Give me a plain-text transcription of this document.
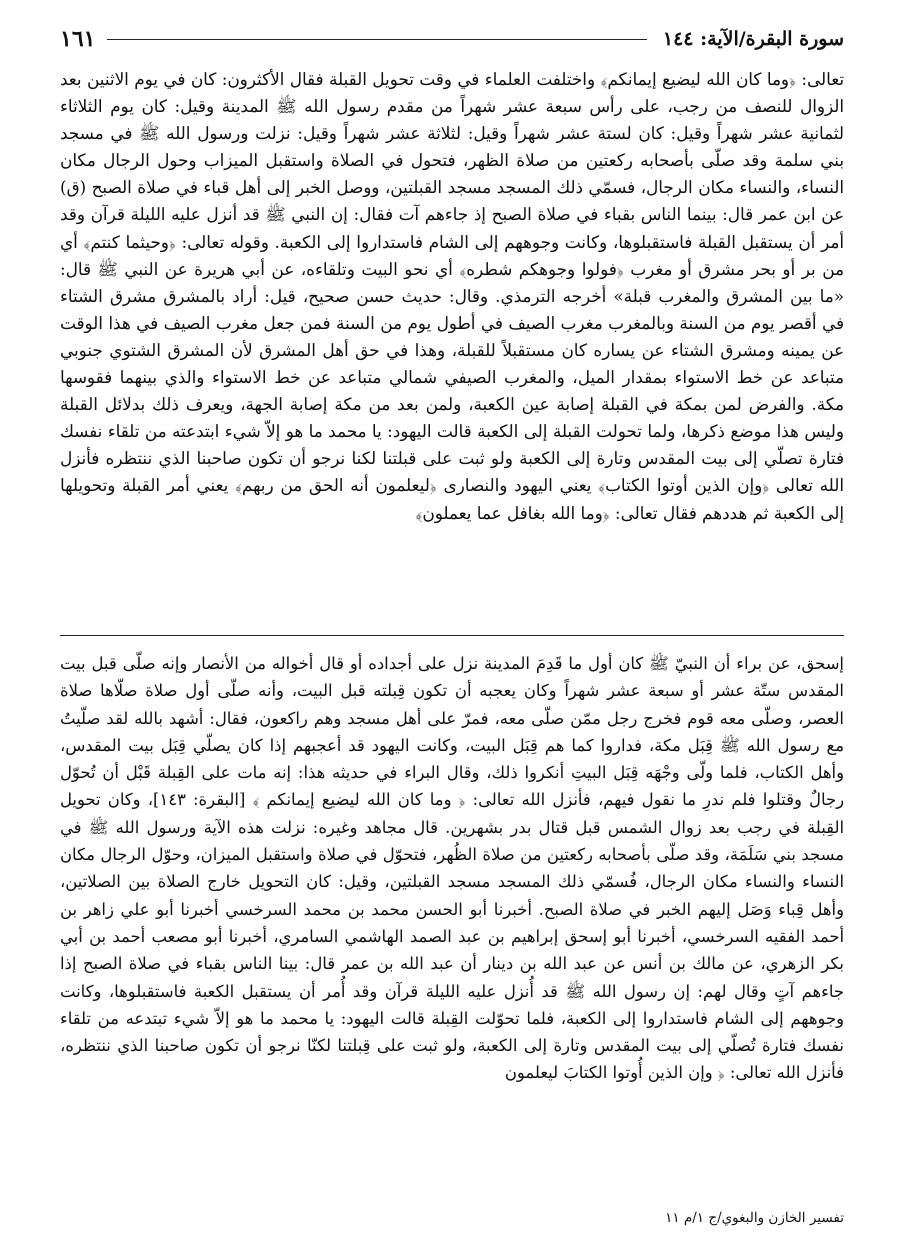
سورة البقرة/الآية: ١٤٤
١٦١

تعالى: ﴿وما كان الله ليضيع إيمانكم﴾ واختلفت العلماء في وقت تحويل القبلة فقال الأكثرون: كان في يوم الاثنين بعد الزوال للنصف من رجب، على رأس سبعة عشر شهراً من مقدم رسول الله ﷺ المدينة وقيل: كان يوم الثلاثاء لثمانية عشر شهراً وقيل: كان لستة عشر شهراً وقيل: لثلاثة عشر شهراً وقيل: نزلت ورسول الله ﷺ في مسجد بني سلمة وقد صلّى بأصحابه ركعتين من صلاة الظهر، فتحول في الصلاة واستقبل الميزاب وحول الرجال مكان النساء، والنساء مكان الرجال، فسمّي ذلك المسجد مسجد القبلتين، ووصل الخبر إلى أهل قباء في صلاة الصبح (ق) عن ابن عمر قال: بينما الناس بقباء في صلاة الصبح إذ جاءهم آت فقال: إن النبي ﷺ قد أنزل عليه الليلة قرآن وقد أمر أن يستقبل القبلة فاستقبلوها، وكانت وجوههم إلى الشام فاستداروا إلى الكعبة. وقوله تعالى: ﴿وحيثما كنتم﴾ أي من بر أو بحر مشرق أو مغرب ﴿فولوا وجوهكم شطره﴾ أي نحو البيت وتلقاءه، عن أبي هريرة عن النبي ﷺ قال: «ما بين المشرق والمغرب قبلة» أخرجه الترمذي. وقال: حديث حسن صحيح، قيل: أراد بالمشرق مشرق الشتاء في أقصر يوم من السنة وبالمغرب مغرب الصيف في أطول يوم من السنة فمن جعل مغرب الصيف في هذا الوقت عن يمينه ومشرق الشتاء عن يساره كان مستقبلاً للقبلة، وهذا في حق أهل المشرق لأن المشرق الشتوي جنوبي متباعد عن خط الاستواء بمقدار الميل، والمغرب الصيفي شمالي متباعد عن خط الاستواء والذي بينهما فقوسها مكة. والفرض لمن بمكة في القبلة إصابة عين الكعبة، ولمن بعد من مكة إصابة الجهة، ويعرف ذلك بدلائل القبلة وليس هذا موضع ذكرها، ولما تحولت القبلة إلى الكعبة قالت اليهود: يا محمد ما هو إلاّ شيء ابتدعته من تلقاء نفسك فتارة تصلّي إلى بيت المقدس وتارة إلى الكعبة ولو ثبت على قبلتنا لكنا نرجو أن تكون صاحبنا الذي ننتظره فأنزل الله تعالى ﴿وإن الذين أوتوا الكتاب﴾ يعني اليهود والنصارى ﴿ليعلمون أنه الحق من ربهم﴾ يعني أمر القبلة وتحويلها إلى الكعبة ثم هددهم فقال تعالى: ﴿وما الله بغافل عما يعملون﴾

إسحق، عن براء أن النبيّ ﷺ كان أول ما قَدِمَ المدينة نزل على أجداده أو قال أخواله من الأنصار وإنه صلّى قبل بيت المقدس ستّة عشر أو سبعة عشر شهراً وكان يعجبه أن تكون قِبلته قبل البيت، وأنه صلّى أول صلاة صلّاها صلاة العصر، وصلّى معه قوم فخرج رجل ممّن صلّى معه، فمرّ على أهل مسجد وهم راكعون، فقال: أشهد بالله لقد صلّيتُ مع رسول الله ﷺ قِبَل مكة، فداروا كما هم قِبَل البيت، وكانت اليهود قد أعجبهم إذا كان يصلّي قِبَل بيت المقدس، وأهل الكتاب، فلما ولّى وجْهَه قِبَل البيتِ أنكروا ذلك، وقال البراء في حديثه هذا: إنه مات على القِبلة قَبْل أن تُحوّل رجالٌ وقتلوا فلم ندرِ ما نقول فيهم، فأنزل الله تعالى: ﴿ وما كان الله ليضيع إيمانكم ﴾ [البقرة: ١٤٣]، وكان تحويل القِبلة في رجب بعد زوال الشمس قبل قتال بدر بشهرين. قال مجاهد وغيره: نزلت هذه الآية ورسول الله ﷺ في مسجد بني سَلَمَة، وقد صلّى بأصحابه ركعتين من صلاة الظُهر، فتحوّل في صلاة واستقبل الميزان، وحوّل الرجال مكان النساء والنساء مكان الرجال، فُسمّي ذلك المسجد مسجد القبلتين، وقيل: كان التحويل خارج الصلاة بين الصلاتين، وأهل قِباء وَصَل إليهم الخبر في صلاة الصبح. أخبرنا أبو الحسن محمد بن محمد السرخسي أخبرنا أبو علي زاهر بن أحمد الفقيه السرخسي، أخبرنا أبو إسحق إبراهيم بن عبد الصمد الهاشمي السامري، أخبرنا أبو مصعب أحمد بن أبي بكر الزهري، عن مالك بن أنس عن عبد الله بن دينار أن عبد الله بن عمر قال: بينا الناس بقباء في صلاة الصبح إذا جاءهم آتٍ وقال لهم: إن رسول الله ﷺ قد أُنزل عليه الليلة قرآن وقد أُمر أن يستقبل الكعبة فاستقبلوها، وكانت وجوههم إلى الشام فاستداروا إلى الكعبة، فلما تحوّلت القِبلة قالت اليهود: يا محمد ما هو إلاّ شيء تبتدعه من تلقاء نفسك فتارة تُصلّي إلى بيت المقدس وتارة إلى الكعبة، ولو ثبت على قِبلتنا لكنّا نرجو أن تكون صاحبنا الذي ننتظره، فأنزل الله تعالى: ﴿ وإن الذين أُوتوا الكتابَ ليعلمون

تفسير الخازن والبغوي/ج ١/م ١١
